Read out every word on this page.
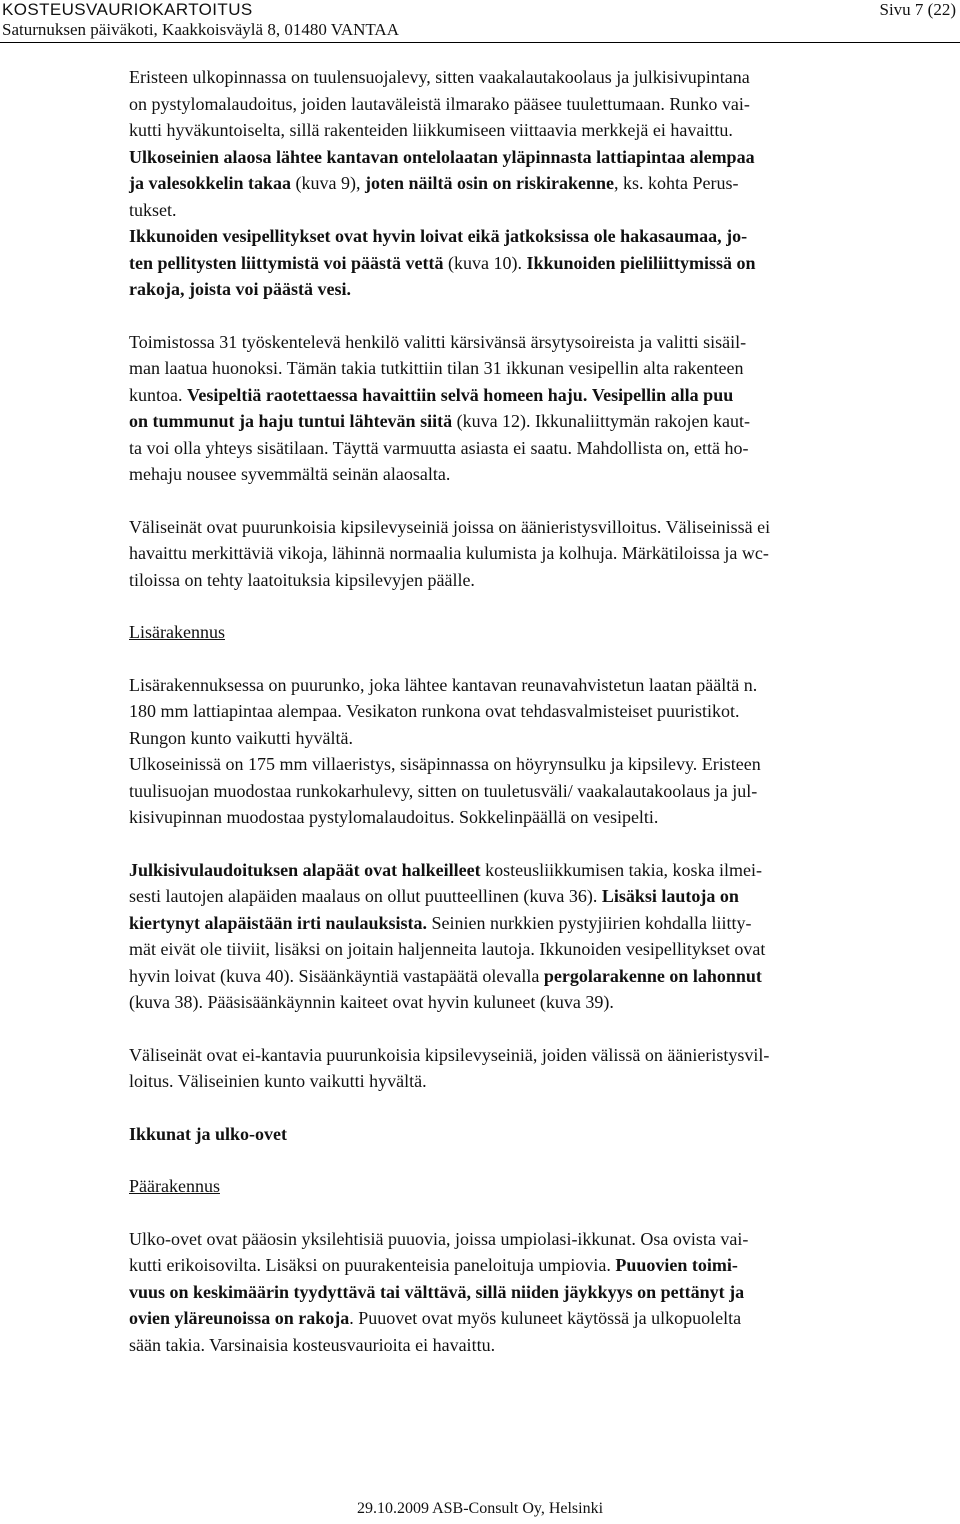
KOSTEUSVAURIOKARTOITUS	Sivu 7 (22)
Saturnuksen päiväkoti, Kaakkoisväylä 8, 01480 VANTAA

Eristeen ulkopinnassa on tuulensuojalevy, sitten vaakalautakoolaus ja julkisivupintana
on pystylomalaudoitus, joiden lautaväleistä ilmarako pääsee tuulettumaan. Runko vai-
kutti hyväkuntoiselta, sillä rakenteiden liikkumiseen viittaavia merkkejä ei havaittu.
Ulkoseinien alaosa lähtee kantavan ontelolaatan yläpinnasta lattiapintaa alempaa
ja valesokkelin takaa (kuva 9), joten näiltä osin on riskirakenne, ks. kohta Perus-
tukset.
Ikkunoiden vesipellitykset ovat hyvin loivat eikä jatkoksissa ole hakasaumaa, jo-
ten pellitysten liittymistä voi päästä vettä (kuva 10). Ikkunoiden pieliliittymissä on
rakoja, joista voi päästä vesi.

Toimistossa 31 työskentelevä henkilö valitti kärsivänsä ärsytysoireista ja valitti sisäil-
man laatua huonoksi. Tämän takia tutkittiin tilan 31 ikkunan vesipellin alta rakenteen
kuntoa. Vesipeltiä raotettaessa havaittiin selvä homeen haju. Vesipellin alla puu
on tummunut ja haju tuntui lähtevän siitä (kuva 12). Ikkunaliittymän rakojen kaut-
ta voi olla yhteys sisätilaan. Täyttä varmuutta asiasta ei saatu. Mahdollista on, että ho-
mehaju nousee syvemmältä seinän alaosalta.

Väliseinät ovat puurunkoisia kipsilevyseiniä joissa on äänieristysvilloitus. Väliseinissä ei
havaittu merkittäviä vikoja, lähinnä normaalia kulumista ja kolhuja. Märkätiloissa ja wc-
tiloissa on tehty laatoituksia kipsilevyjen päälle.

Lisärakennus

Lisärakennuksessa on puurunko, joka lähtee kantavan reunavahvistetun laatan päältä n.
180 mm lattiapintaa alempaa. Vesikaton runkona ovat tehdasvalmisteiset puuristikot.
Rungon kunto vaikutti hyvältä.
Ulkoseinissä on 175 mm villaeristys, sisäpinnassa on höyrynsulku ja kipsilevy. Eristeen
tuulisuojan muodostaa runkokarhulevy, sitten on tuuletusväli/ vaakalautakoolaus ja jul-
kisivupinnan muodostaa pystylomalaudoitus. Sokkelinpäällä on vesipelti.

Julkisivulaudoituksen alapäät ovat halkeilleet kosteusliikkumisen takia, koska ilmei-
sesti lautojen alapäiden maalaus on ollut puutteellinen (kuva 36). Lisäksi lautoja on
kiertynyt alapäistään irti naulauksista. Seinien nurkkien pystyjiirien kohdalla liitty-
mät eivät ole tiiviit, lisäksi on joitain haljenneita lautoja. Ikkunoiden vesipellitykset ovat
hyvin loivat (kuva 40). Sisäänkäyntiä vastapäätä olevalla pergolarakenne on lahonnut
(kuva 38). Pääsisäänkäynnin kaiteet ovat hyvin kuluneet (kuva 39).

Väliseinät ovat ei-kantavia puurunkoisia kipsilevyseiniä, joiden välissä on äänieristysvil-
loitus. Väliseinien kunto vaikutti hyvältä.

Ikkunat ja ulko-ovet

Päärakennus

Ulko-ovet ovat pääosin yksilehtisiä puuovia, joissa umpiolasi-ikkunat. Osa ovista vai-
kutti erikoisovilta. Lisäksi on puurakenteisia paneloituja umpiovia. Puuovien toimi-
vuus on keskimäärin tyydyttävä tai välttävä, sillä niiden jäykkyys on pettänyt ja
ovien yläreunoissa on rakoja. Puuovet ovat myös kuluneet käytössä ja ulkopuolelta
sään takia. Varsinaisia kosteusvaurioita ei havaittu.

29.10.2009 ASB-Consult Oy, Helsinki
